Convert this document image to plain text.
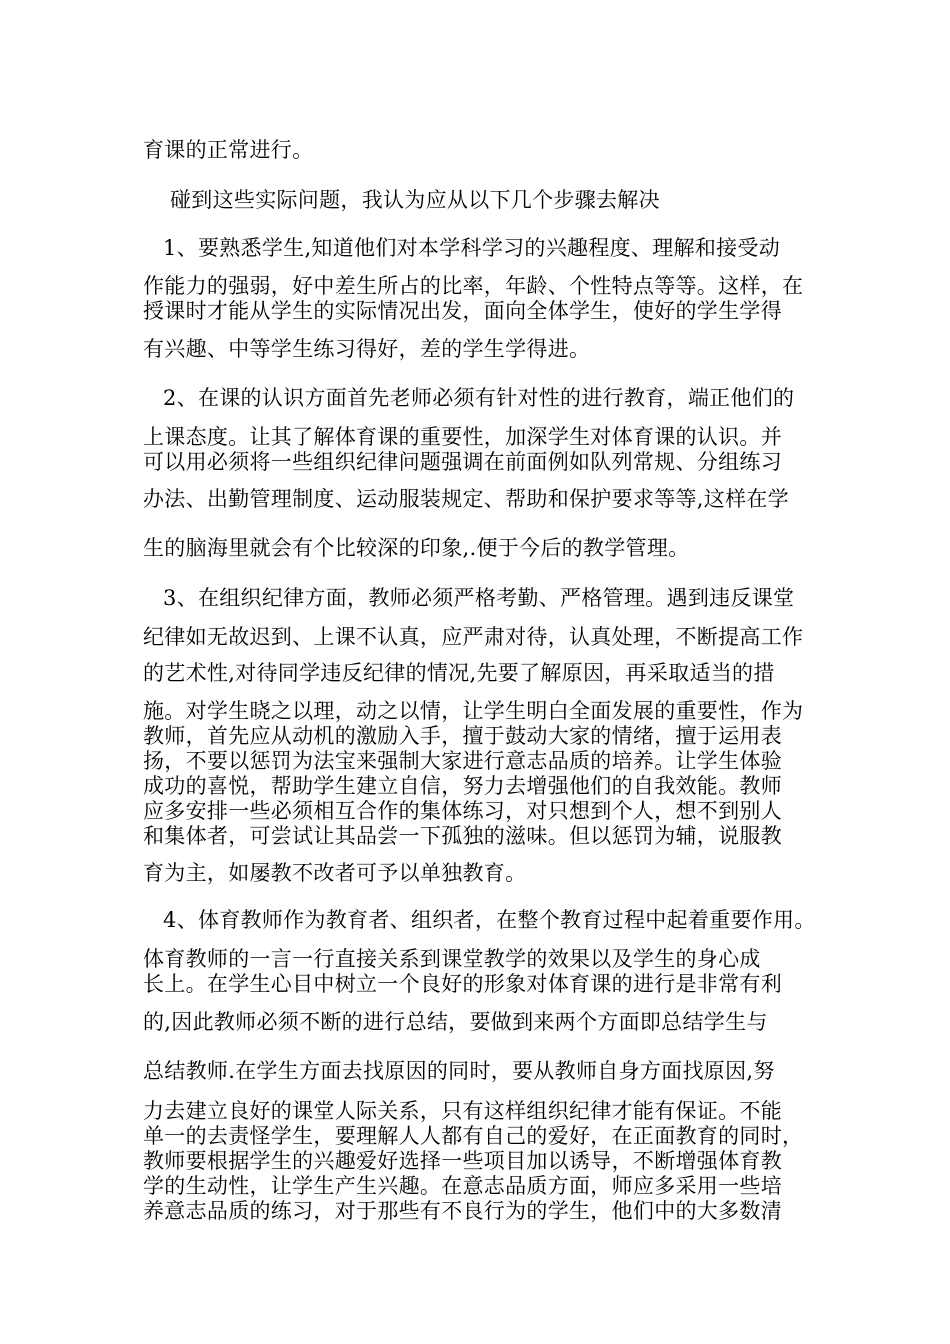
育课的正常进行。
碰到这些实际问题，我认为应从以下几个步骤去解决
1、要熟悉学生,知道他们对本学科学习的兴趣程度、理解和接受动
作能力的强弱，好中差生所占的比率，年龄、个性特点等等。这样，在
授课时才能从学生的实际情况出发，面向全体学生，使好的学生学得
有兴趣、中等学生练习得好，差的学生学得进。
2、在课的认识方面首先老师必须有针对性的进行教育，端正他们的
上课态度。让其了解体育课的重要性，加深学生对体育课的认识。并
可以用必须将一些组织纪律问题强调在前面例如队列常规、分组练习
办法、出勤管理制度、运动服装规定、帮助和保护要求等等,这样在学
生的脑海里就会有个比较深的印象,.便于今后的教学管理。
3、在组织纪律方面，教师必须严格考勤、严格管理。遇到违反课堂
纪律如无故迟到、上课不认真，应严肃对待，认真处理，不断提高工作
的艺术性,对待同学违反纪律的情况,先要了解原因，再采取适当的措
施。对学生晓之以理，动之以情，让学生明白全面发展的重要性，作为
教师，首先应从动机的激励入手，擅于鼓动大家的情绪，擅于运用表
扬，不要以惩罚为法宝来强制大家进行意志品质的培养。让学生体验
成功的喜悦，帮助学生建立自信，努力去增强他们的自我效能。教师
应多安排一些必须相互合作的集体练习，对只想到个人，想不到别人
和集体者，可尝试让其品尝一下孤独的滋味。但以惩罚为辅，说服教
育为主，如屡教不改者可予以单独教育。
4、体育教师作为教育者、组织者，在整个教育过程中起着重要作用。
体育教师的一言一行直接关系到课堂教学的效果以及学生的身心成
长上。在学生心目中树立一个良好的形象对体育课的进行是非常有利
的,因此教师必须不断的进行总结，要做到来两个方面即总结学生与
总结教师.在学生方面去找原因的同时，要从教师自身方面找原因,努
力去建立良好的课堂人际关系，只有这样组织纪律才能有保证。不能
单一的去责怪学生，要理解人人都有自己的爱好，在正面教育的同时，
教师要根据学生的兴趣爱好选择一些项目加以诱导，不断增强体育教
学的生动性，让学生产生兴趣。在意志品质方面，师应多采用一些培
养意志品质的练习，对于那些有不良行为的学生，他们中的大多数清
